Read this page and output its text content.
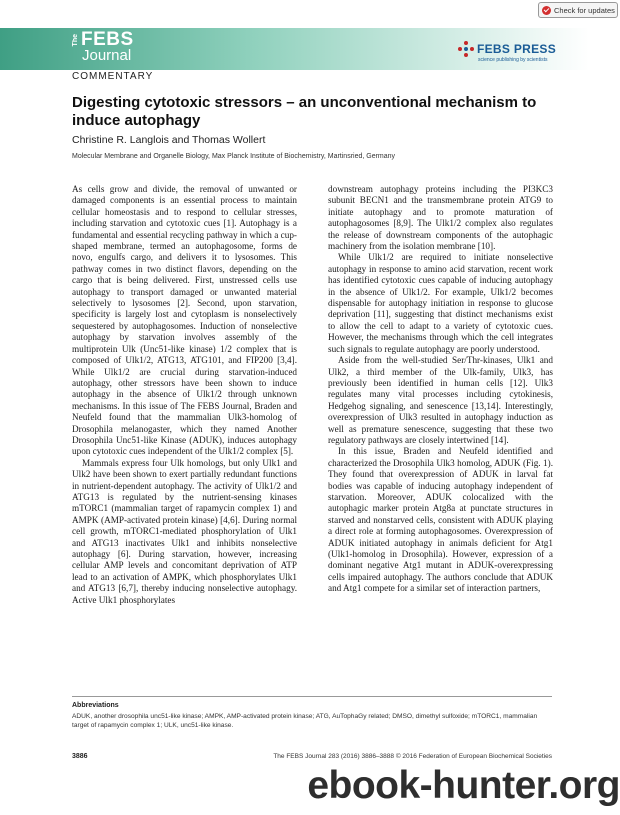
Check for updates
The FEBS
Journal	FEBS PRESS
science publishing by scientists
COMMENTARY
Digesting cytotoxic stressors – an unconventional mechanism to induce autophagy
Christine R. Langlois and Thomas Wollert
Molecular Membrane and Organelle Biology, Max Planck Institute of Biochemistry, Martinsried, Germany

As cells grow and divide, the removal of unwanted or damaged components is an essential process to maintain cellular homeostasis and to respond to cellular stresses, including starvation and cytotoxic cues [1]. Autophagy is a fundamental and essential recycling pathway in which a cup-shaped membrane, termed an autophagosome, forms de novo, engulfs cargo, and delivers it to lysosomes. This pathway comes in two distinct flavors, depending on the cargo that is being delivered. First, unstressed cells use autophagy to transport damaged or unwanted material selectively to lysosomes [2]. Second, upon starvation, specificity is largely lost and cytoplasm is nonselectively sequestered by autophagosomes. Induction of nonselective autophagy by starvation involves assembly of the multiprotein Ulk (Unc51-like kinase) 1/2 complex that is composed of Ulk1/2, ATG13, ATG101, and FIP200 [3,4]. While Ulk1/2 are crucial during starvation-induced autophagy, other stressors have been shown to induce autophagy in the absence of Ulk1/2 through unknown mechanisms. In this issue of The FEBS Journal, Braden and Neufeld found that the mammalian Ulk3-homolog of Drosophila melanogaster, which they named Another Drosophila Unc51-like Kinase (ADUK), induces autophagy upon cytotoxic cues independent of the Ulk1/2 complex [5].

Mammals express four Ulk homologs, but only Ulk1 and Ulk2 have been shown to exert partially redundant functions in nutrient-dependent autophagy. The activity of Ulk1/2 and ATG13 is regulated by the nutrient-sensing kinases mTORC1 (mammalian target of rapamycin complex 1) and AMPK (AMP-activated protein kinase) [4,6]. During normal cell growth, mTORC1-mediated phosphorylation of Ulk1 and ATG13 inactivates Ulk1 and inhibits nonselective autophagy [6]. During starvation, however, increasing cellular AMP levels and concomitant deprivation of ATP lead to an activation of AMPK, which phosphorylates Ulk1 and ATG13 [6,7], thereby inducing nonselective autophagy. Active Ulk1 phosphorylates

downstream autophagy proteins including the PI3KC3 subunit BECN1 and the transmembrane protein ATG9 to initiate autophagy and to promote maturation of autophagosomes [8,9]. The Ulk1/2 complex also regulates the release of downstream components of the autophagic machinery from the isolation membrane [10].

While Ulk1/2 are required to initiate nonselective autophagy in response to amino acid starvation, recent work has identified cytotoxic cues capable of inducing autophagy in the absence of Ulk1/2. For example, Ulk1/2 becomes dispensable for autophagy initiation in response to glucose deprivation [11], suggesting that distinct mechanisms exist to allow the cell to adapt to a variety of cytotoxic cues. However, the mechanisms through which the cell integrates such signals to regulate autophagy are poorly understood.

Aside from the well-studied Ser/Thr-kinases, Ulk1 and Ulk2, a third member of the Ulk-family, Ulk3, has previously been identified in human cells [12]. Ulk3 regulates many vital processes including cytokinesis, Hedgehog signaling, and senescence [13,14]. Interestingly, overexpression of Ulk3 resulted in autophagy induction as well as premature senescence, suggesting that these two regulatory pathways are closely intertwined [14].

In this issue, Braden and Neufeld identified and characterized the Drosophila Ulk3 homolog, ADUK (Fig. 1). They found that overexpression of ADUK in larval fat bodies was capable of inducing autophagy independent of starvation. Moreover, ADUK colocalized with the autophagic marker protein Atg8a at punctate structures in starved and nonstarved cells, consistent with ADUK playing a direct role at forming autophagosomes. Overexpression of ADUK initiated autophagy in animals deficient for Atg1 (Ulk1-homolog in Drosophila). However, expression of a dominant negative Atg1 mutant in ADUK-overexpressing cells impaired autophagy. The authors conclude that ADUK and Atg1 compete for a similar set of interaction partners,

Abbreviations
ADUK, another drosophila unc51-like kinase; AMPK, AMP-activated protein kinase; ATG, AuTophaGy related; DMSO, dimethyl sulfoxide; mTORC1, mammalian target of rapamycin complex 1; ULK, unc51-like kinase.
3886	The FEBS Journal 283 (2016) 3886–3888 © 2016 Federation of European Biochemical Societies
ebook-hunter.org
